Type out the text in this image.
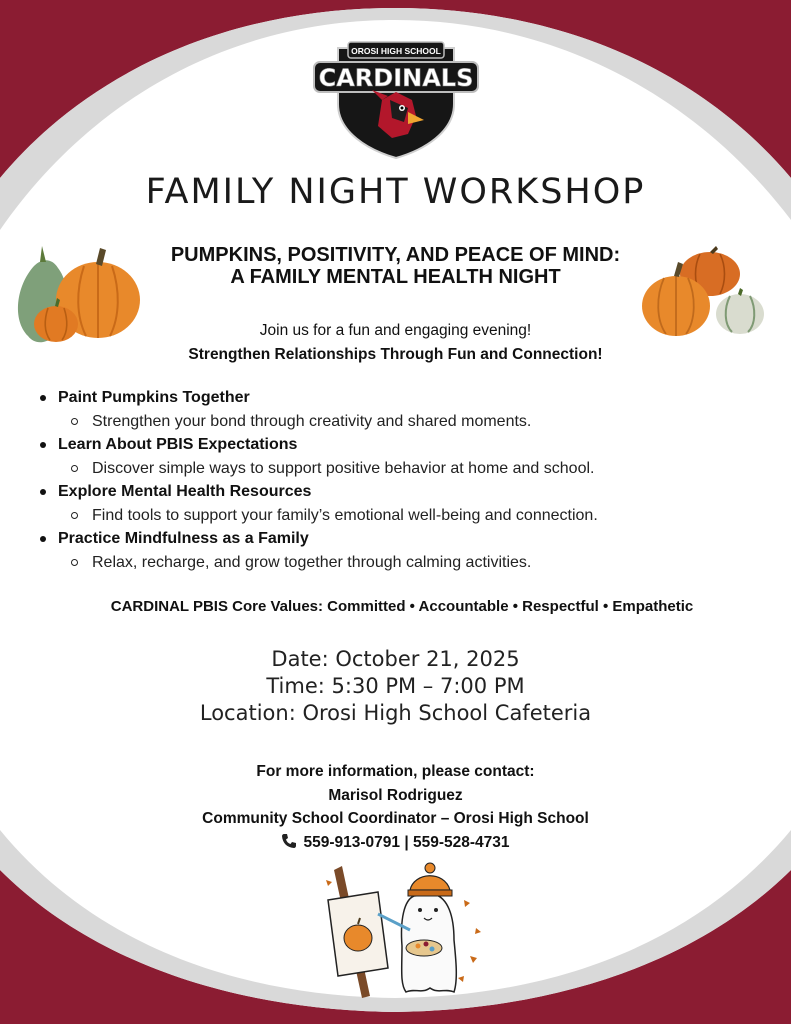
OROSI HIGH SCHOOL
CARDINALS
FAMILY NIGHT WORKSHOP
PUMPKINS, POSITIVITY, AND PEACE OF MIND:
A FAMILY MENTAL HEALTH NIGHT
Join us for a fun and engaging evening!
Strengthen Relationships Through Fun and Connection!
Paint Pumpkins Together
Strengthen your bond through creativity and shared moments.
Learn About PBIS Expectations
Discover simple ways to support positive behavior at home and school.
Explore Mental Health Resources
Find tools to support your family’s emotional well-being and connection.
Practice Mindfulness as a Family
Relax, recharge, and grow together through calming activities.
CARDINAL PBIS Core Values: Committed • Accountable • Respectful • Empathetic
Date: October 21, 2025
Time: 5:30 PM – 7:00 PM
Location: Orosi High School Cafeteria
For more information, please contact:
Marisol Rodriguez
Community School Coordinator – Orosi High School
559-913-0791 | 559-528-4731
